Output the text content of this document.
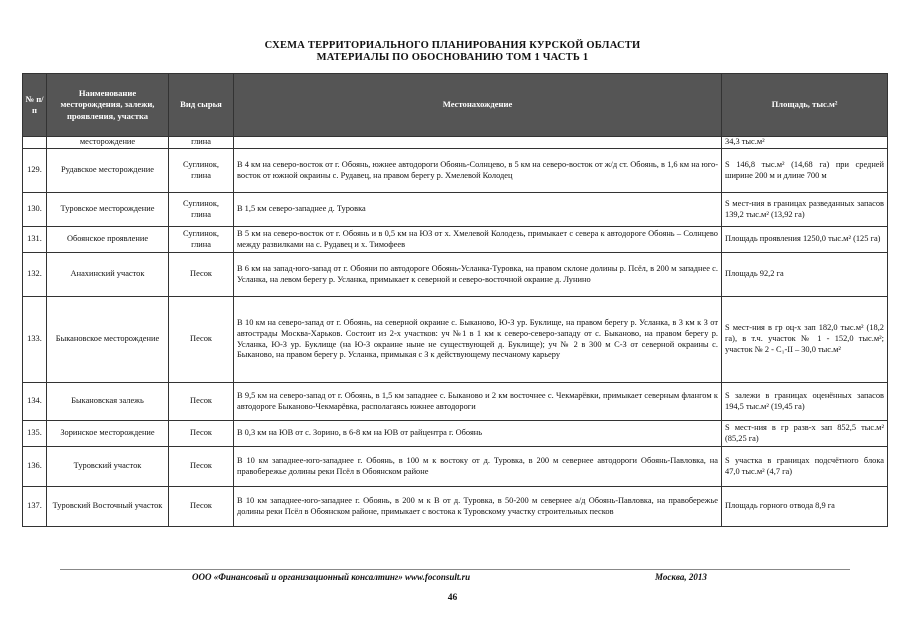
СХЕМА ТЕРРИТОРИАЛЬНОГО ПЛАНИРОВАНИЯ КУРСКОЙ ОБЛАСТИ
МАТЕРИАЛЫ ПО ОБОСНОВАНИЮ ТОМ 1 ЧАСТЬ 1
№ п/п	Наименование месторождения, залежи, проявления, участка	Вид сырья	Местонахождение	Площадь, тыс.м²
	месторождение	глина		34,3 тыс.м²
129.	Рудавское месторождение	Суглинок, глина	В 4 км на северо-восток от г. Обоянь, южнее автодороги Обоянь-Солнцево, в 5 км на северо-восток от ж/д ст. Обоянь, в 1,6 км на юго-восток от южной окраины с. Рудавец, на правом берегу р. Хмелевой Колодец	S 146,8 тыс.м² (14,68 га) при средней ширине 200 м и длине 700 м
130.	Туровское месторождение	Суглинок, глина	В 1,5 км северо-западнее д. Туровка	S мест-ния в границах разведанных запасов 139,2 тыс.м² (13,92 га)
131.	Обоянское проявление	Суглинок, глина	В 5 км на северо-восток от г. Обоянь и в 0,5 км на ЮЗ от х. Хмелевой Колодезь, примыкает с севера к автодороге Обоянь – Солнцево между развилками на с. Рудавец и х. Тимофеев	Площадь проявления 1250,0 тыс.м² (125 га)
132.	Анахинский участок	Песок	В 6 км на запад-юго-запад от г. Обояни по автодороге Обоянь-Усланка-Туровка, на правом склоне долины р. Псёл, в 200 м западнее с. Усланка, на левом берегу р. Усланка, примыкает к северной и северо-восточной окраине д. Лунино	Площадь 92,2 га
133.	Быкановское месторождение	Песок	В 10 км на северо-запад от г. Обоянь, на северной окраине с. Быканово, Ю-З ур. Буклище, на правом берегу р. Усланка, в 3 км к З от автострады Москва-Харьков. Состоит из 2-х участков: уч №1 в 1 км к северо-северо-западу от с. Быканово, на правом берегу р. Усланка, Ю-З ур. Буклище (на Ю-З окраине ныне не существующей д. Буклище); уч № 2 в 300 м С-З от северной окраины с. Быканово, на правом берегу р. Усланка, примыкая с З к действующему песчаному карьеру	S мест-ния в гр оц-х зап 182,0 тыс.м² (18,2 га), в т.ч. участок № 1 - 152,0 тыс.м²; участок № 2 - С₁-II – 30,0 тыс.м²
134.	Быкановская залежь	Песок	В 9,5 км на северо-запад от г. Обоянь, в 1,5 км западнее с. Быканово и 2 км восточнее с. Чекмарёвки, примыкает северным флангом к автодороге Быканово-Чекмарёвка, располагаясь южнее автодороги	S залежи в границах оценённых запасов 194,5 тыс.м² (19,45 га)
135.	Зоринское месторождение	Песок	В 0,3 км на ЮВ от с. Зорино, в 6-8 км на ЮВ от райцентра г. Обоянь	S мест-ния в гр разв-х зап 852,5 тыс.м² (85,25 га)
136.	Туровский участок	Песок	В 10 км западнее-юго-западнее г. Обоянь, в 100 м к востоку от д. Туровка, в 200 м севернее автодороги Обоянь-Павловка, на правобережье долины реки Псёл в Обоянском районе	S участка в границах подсчётного блока 47,0 тыс.м² (4,7 га)
137.	Туровский Восточный участок	Песок	В 10 км западнее-юго-западнее г. Обоянь, в 200 м к В от д. Туровка, в 50-200 м севернее а/д Обоянь-Павловка, на правобережье долины реки Псёл в Обоянском районе, примыкает с востока к Туровскому участку строительных песков	Площадь горного отвода 8,9 га
ООО «Финансовый и организационный консалтинг» www.foconsult.ru	Москва, 2013
46
